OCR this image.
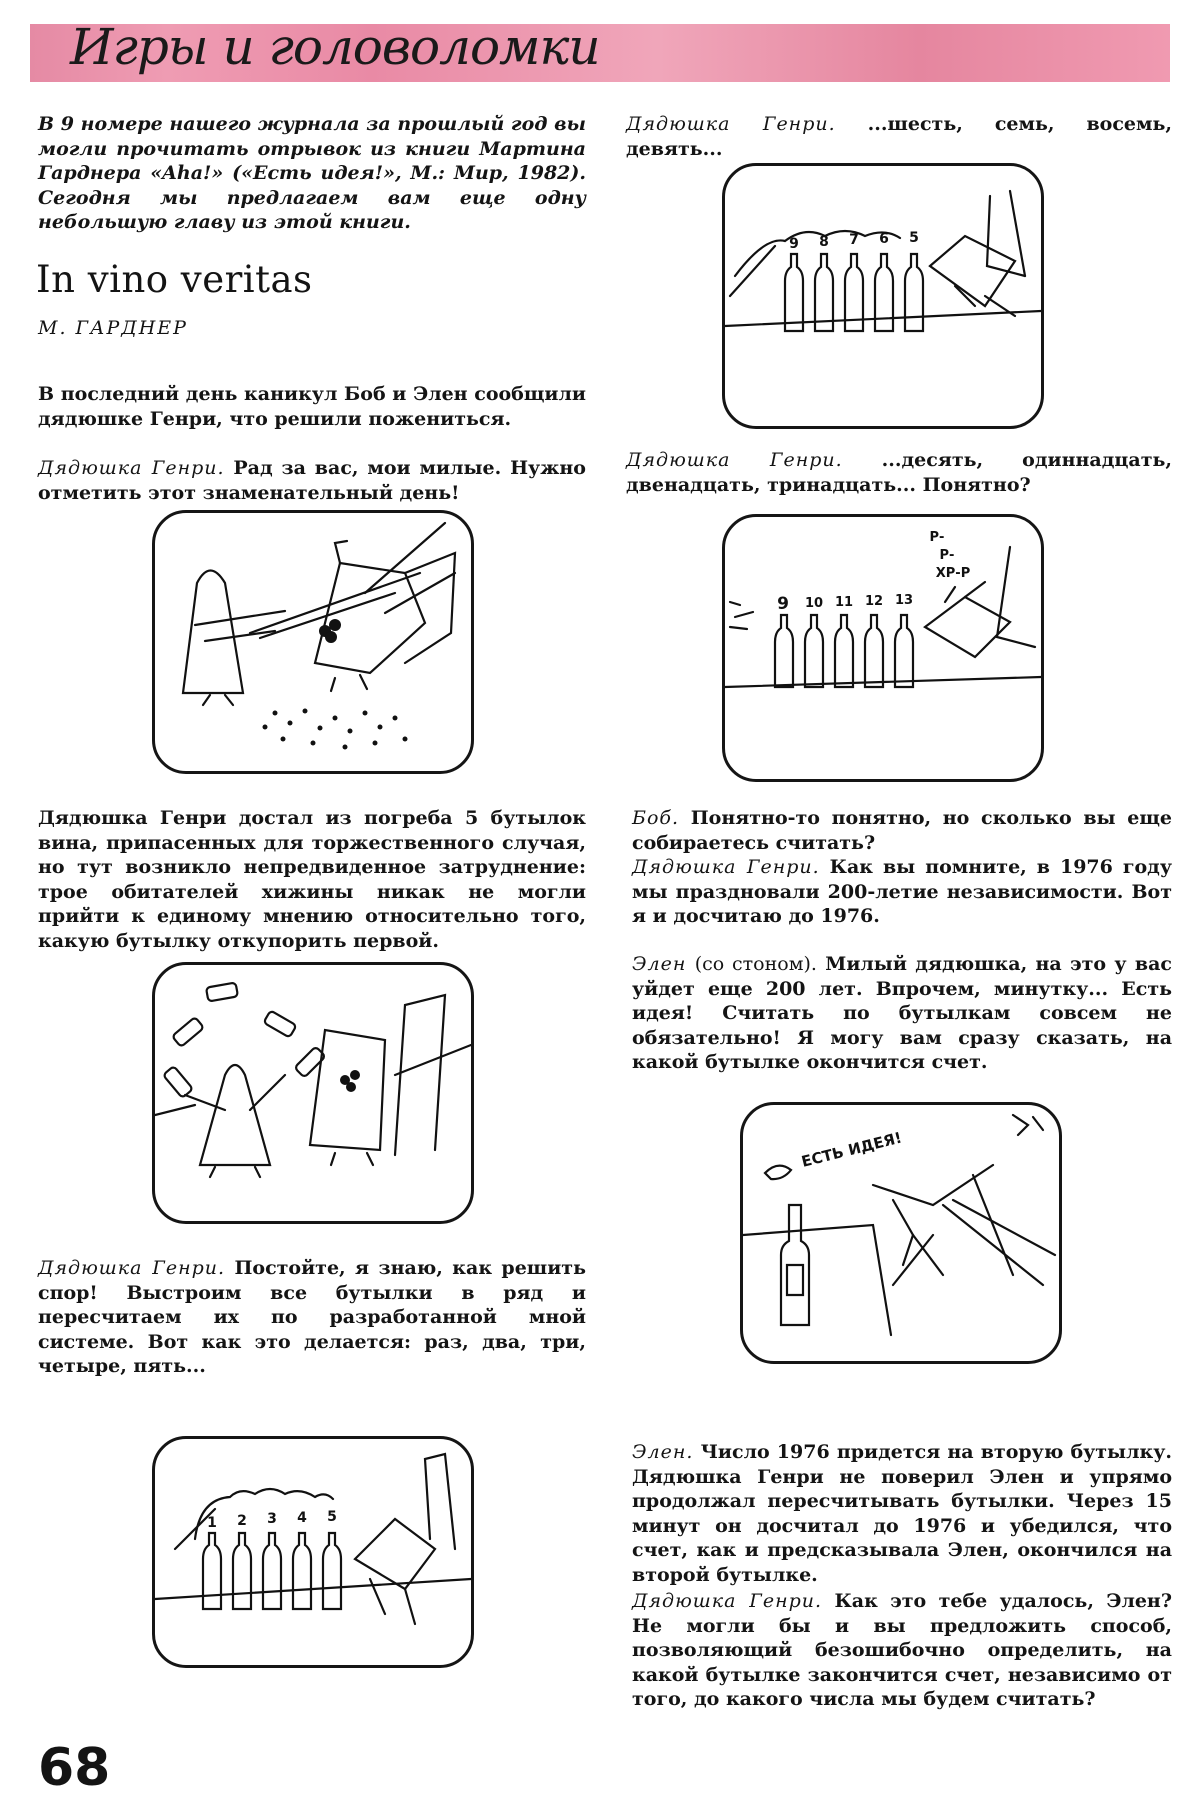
Игры и головоломки

В 9 номере нашего журнала за прошлый год вы могли прочитать отрывок из книги Мартина Гарднера «Aha!» («Есть идея!», М.: Мир, 1982). Сегодня мы предлагаем вам еще одну небольшую главу из этой книги.

In vino veritas
М. ГАРДНЕР

В последний день каникул Боб и Элен сообщили дядюшке Генри, что решили пожениться.

Дядюшка Генри. Рад за вас, мои милые. Нужно отметить этот знаменательный день!

Дядюшка Генри достал из погреба 5 бутылок вина, припасенных для торжественного случая, но тут возникло непредвиденное затруднение: трое обитателей хижины никак не могли прийти к единому мнению относительно того, какую бутылку откупорить первой.

Дядюшка Генри. Постойте, я знаю, как решить спор! Выстроим все бутылки в ряд и пересчитаем их по разработанной мной системе. Вот как это делается: раз, два, три, четыре, пять...

1 2 3 4 5

Дядюшка Генри. ...шесть, семь, восемь, девять...

9 8 7 6 5

Дядюшка Генри. ...десять, одиннадцать, двенадцать, тринадцать... Понятно?

9 10 11 12 13
Р-
Р-
ХР-Р

Боб. Понятно-то понятно, но сколько вы еще собираетесь считать?

Дядюшка Генри. Как вы помните, в 1976 году мы праздновали 200-летие независимости. Вот я и досчитаю до 1976.

Элен (со стоном). Милый дядюшка, на это у вас уйдет еще 200 лет. Впрочем, минутку... Есть идея! Считать по бутылкам совсем не обязательно! Я могу вам сразу сказать, на какой бутылке окончится счет.

ЕСТЬ ИДЕЯ!

Элен. Число 1976 придется на вторую бутылку. Дядюшка Генри не поверил Элен и упрямо продолжал пересчитывать бутылки. Через 15 минут он досчитал до 1976 и убедился, что счет, как и предсказывала Элен, окончился на второй бутылке.

Дядюшка Генри. Как это тебе удалось, Элен? Не могли бы и вы предложить способ, позволяющий безошибочно определить, на какой бутылке закончится счет, независимо от того, до какого числа мы будем считать?

68
